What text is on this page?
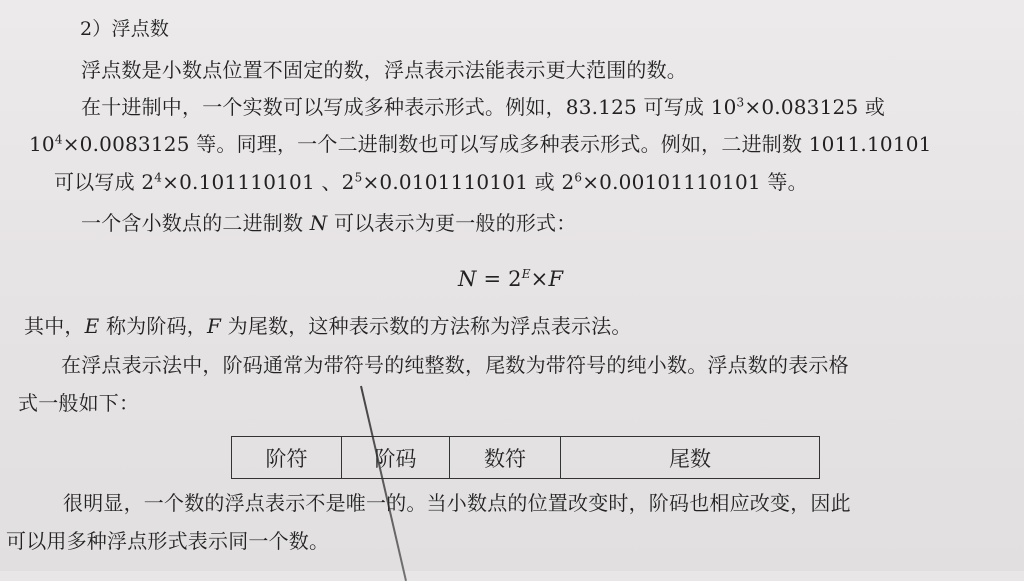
2）浮点数
浮点数是小数点位置不固定的数，浮点表示法能表示更大范围的数。
在十进制中，一个实数可以写成多种表示形式。例如，83.125 可写成 $10^3\times 0.083125$ 或
$10^4\times 0.0083125$ 等。同理，一个二进制数也可以写成多种表示形式。例如，二进制数 1011.10101
可以写成 $2^4\times 0.101110101$ 、$2^5\times 0.0101110101$ 或 $2^6\times 0.00101110101$ 等。
一个含小数点的二进制数 N 可以表示为更一般的形式：
$N = 2^E\times F$
其中，E 称为阶码，F 为尾数，这种表示数的方法称为浮点表示法。
在浮点表示法中，阶码通常为带符号的纯整数，尾数为带符号的纯小数。浮点数的表示格
式一般如下：
阶符	阶码	数符	尾数
很明显，一个数的浮点表示不是唯一的。当小数点的位置改变时，阶码也相应改变，因此
可以用多种浮点形式表示同一个数。
